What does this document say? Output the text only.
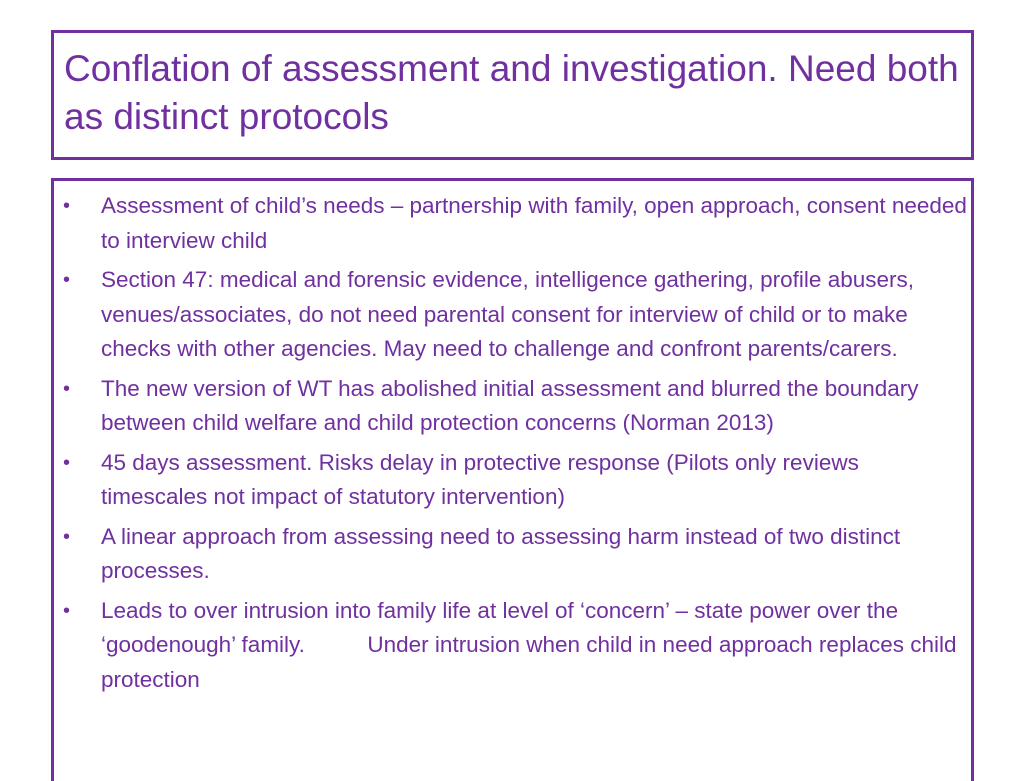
Conflation of assessment and investigation. Need both as distinct protocols
• Assessment of child’s needs – partnership with family, open approach, consent needed to interview child
• Section 47: medical and forensic evidence, intelligence gathering, profile abusers, venues/associates, do not need parental consent for interview of child or to make checks with other agencies. May need to challenge and confront parents/carers.
• The new version of WT has abolished initial assessment and blurred the boundary between child welfare and child protection concerns (Norman 2013)
• 45 days assessment. Risks delay in protective response (Pilots only reviews timescales not impact of statutory intervention)
• A linear approach from assessing need to assessing harm instead of two distinct processes.
• Leads to over intrusion into family life at level of ‘concern’ – state power over the ‘goodenough’ family.          Under intrusion when child in need approach replaces child protection
